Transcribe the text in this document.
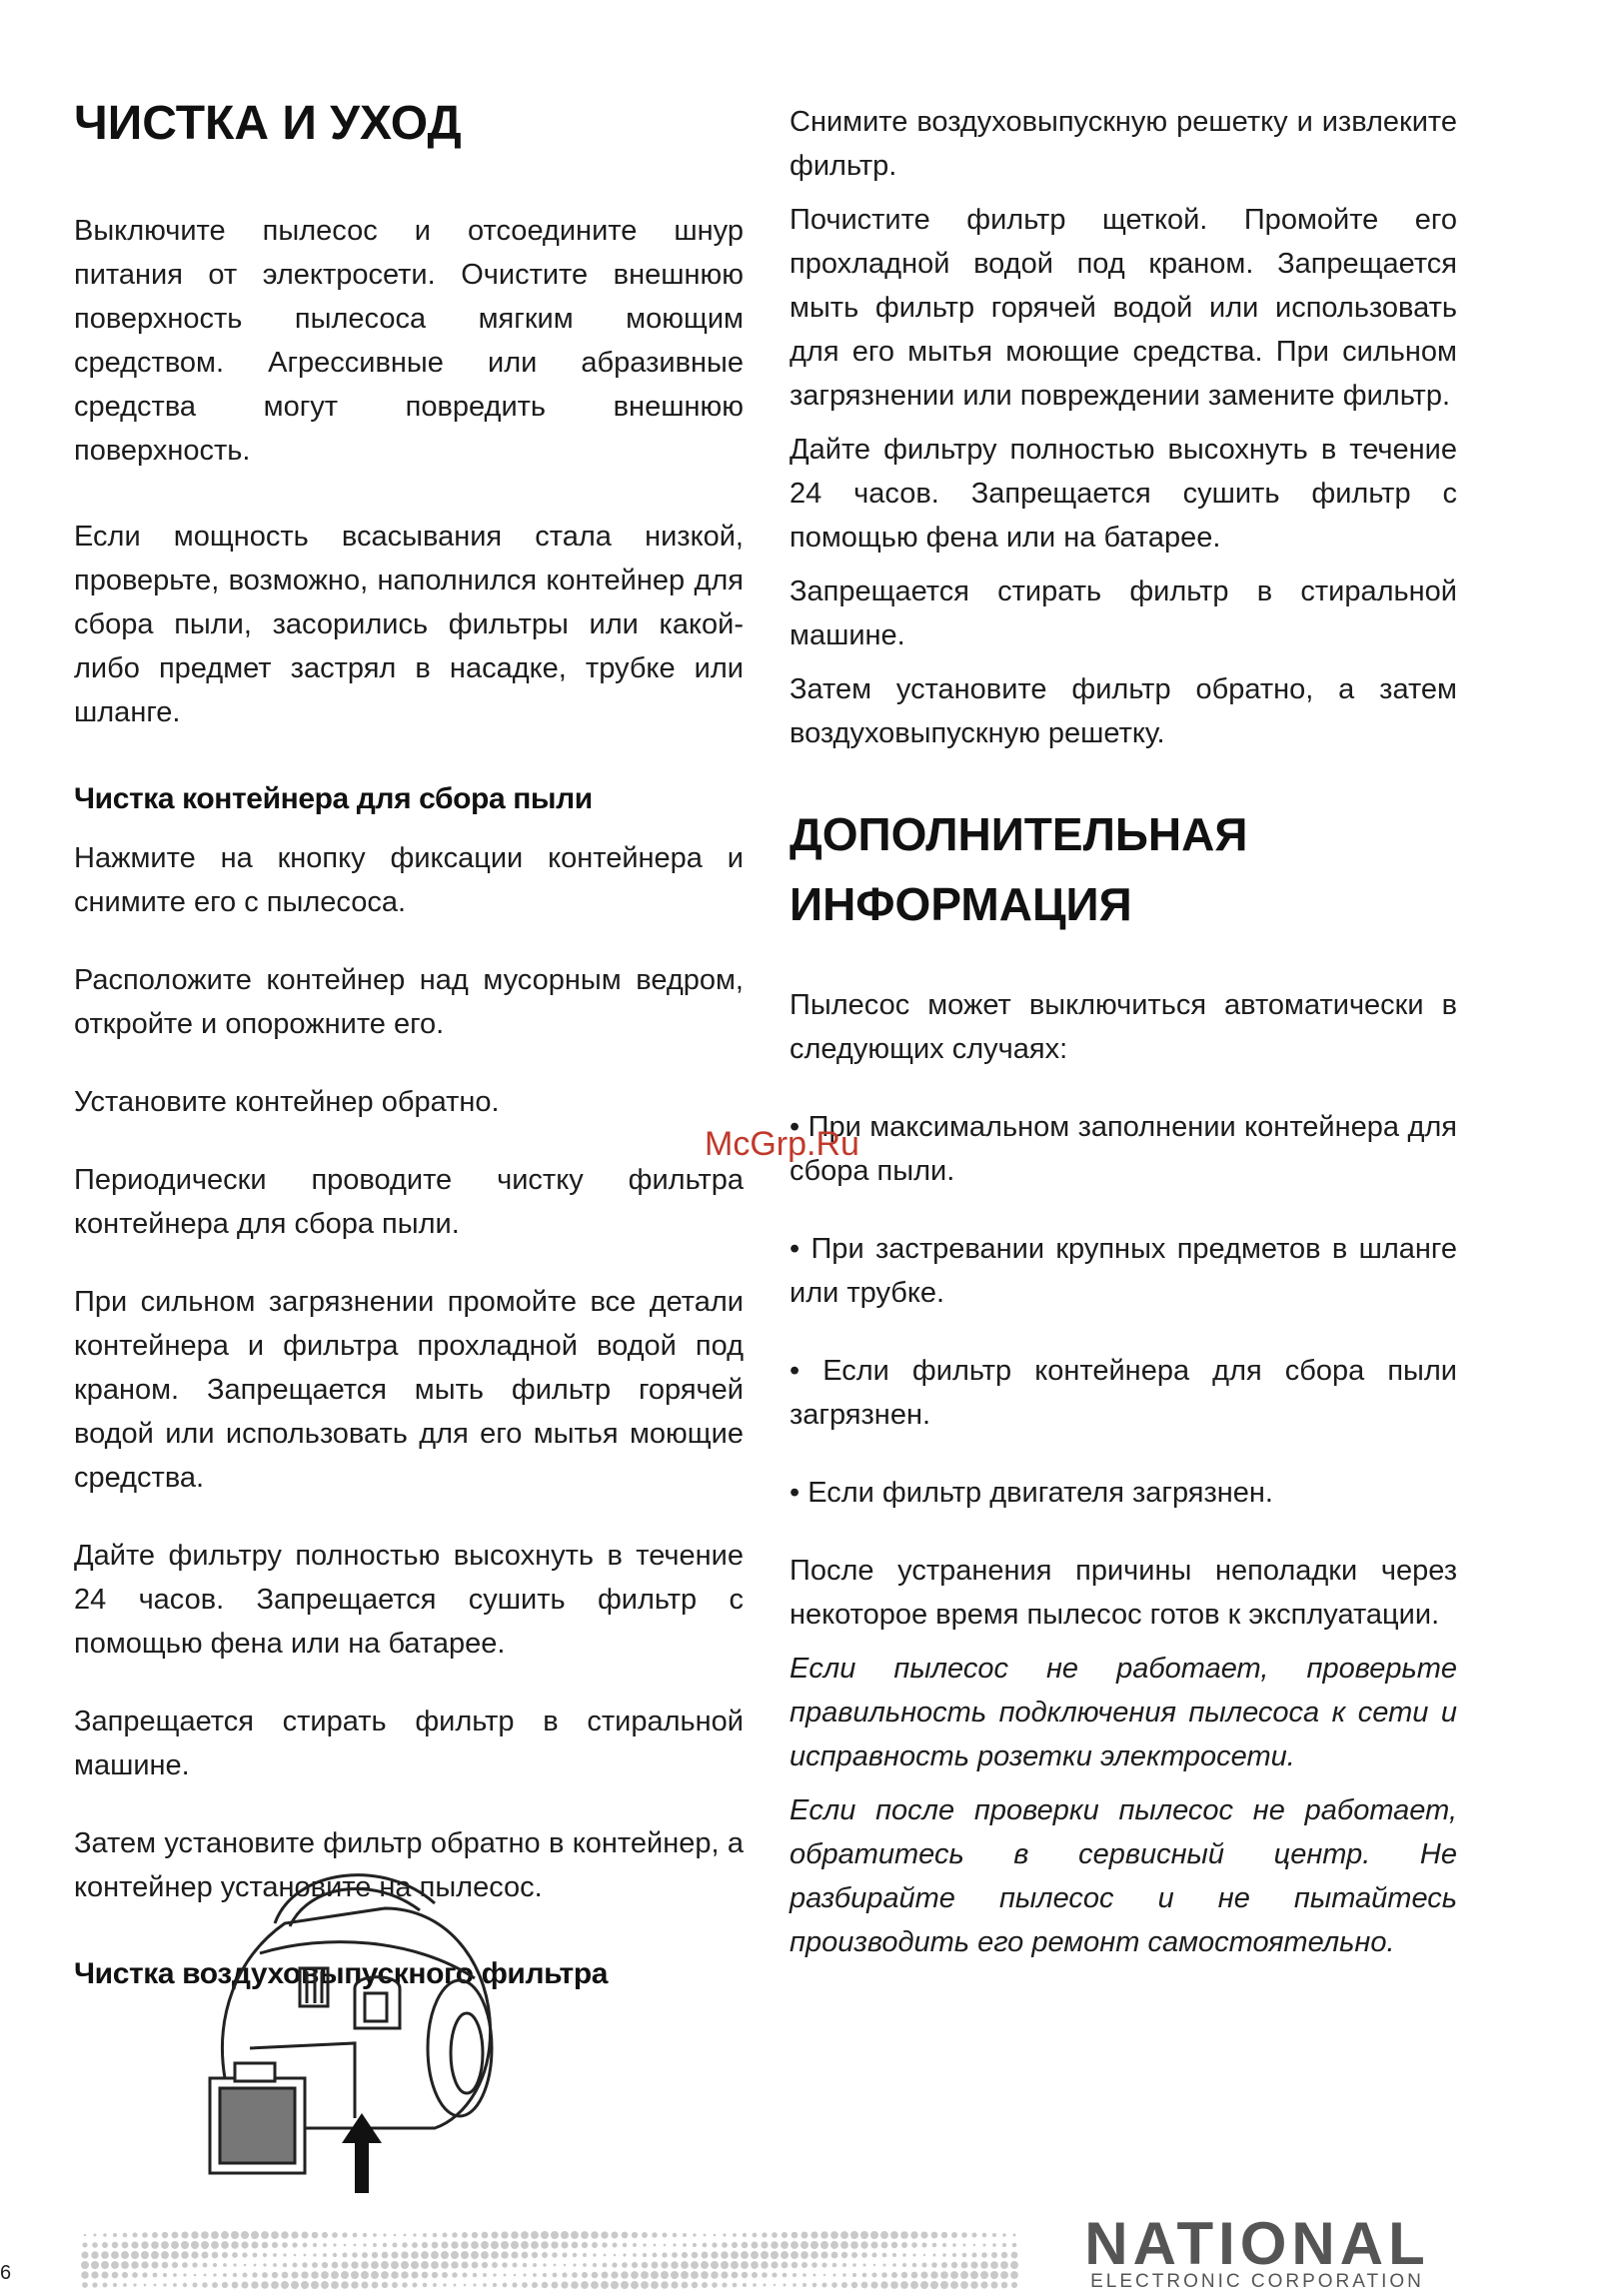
ЧИСТКА И УХОД

Выключите пылесос и отсоедините шнур питания от электросети. Очистите внешнюю поверхность пылесоса мягким моющим средством. Агрессивные или абразивные средства могут повредить внешнюю поверхность.

Если мощность всасывания стала низкой, проверьте, возможно, наполнился контейнер для сбора пыли, засорились фильтры или какой-либо предмет застрял в насадке, трубке или шланге.

Чистка контейнера для сбора пыли

Нажмите на кнопку фиксации контейнера и снимите его с пылесоса.

Расположите контейнер над мусорным ведром, откройте и опорожните его.

Установите контейнер обратно.

Периодически проводите чистку фильтра контейнера для сбора пыли.

При сильном загрязнении промойте все детали контейнера и фильтра прохладной водой под краном. Запрещается мыть фильтр горячей водой или использовать для его мытья моющие средства.

Дайте фильтру полностью высохнуть в течение 24 часов. Запрещается сушить фильтр с помощью фена или на батарее.

Запрещается стирать фильтр в стиральной машине.

Затем установите фильтр обратно в контейнер, а контейнер установите на пылесос.

Чистка воздуховыпускного фильтра

Снимите воздуховыпускную решетку и извлеките фильтр.

Почистите фильтр щеткой. Промойте его прохладной водой под краном. Запрещается мыть фильтр горячей водой или использовать для его мытья моющие средства. При сильном загрязнении или повреждении замените фильтр.

Дайте фильтру полностью высохнуть в течение 24 часов. Запрещается сушить фильтр с помощью фена или на батарее.

Запрещается стирать фильтр в стиральной машине.

Затем установите фильтр обратно, а затем воздуховыпускную решетку.

ДОПОЛНИТЕЛЬНАЯ ИНФОРМАЦИЯ

Пылесос может выключиться автоматически в следующих случаях:

• При максимальном заполнении контейнера для сбора пыли.

• При застревании крупных предметов в шланге или трубке.

• Если фильтр контейнера для сбора пыли загрязнен.

• Если фильтр двигателя загрязнен.

После устранения причины неполадки через некоторое время пылесос готов к эксплуатации.

Если пылесос не работает, проверьте правильность подключения пылесоса к сети и исправность розетки электросети.

Если после проверки пылесос не работает, обратитесь в сервисный центр. Не разбирайте пылесос и не пытайтесь производить его ремонт самостоятельно.

McGrp.Ru
6	NATIONAL
ELECTRONIC CORPORATION
